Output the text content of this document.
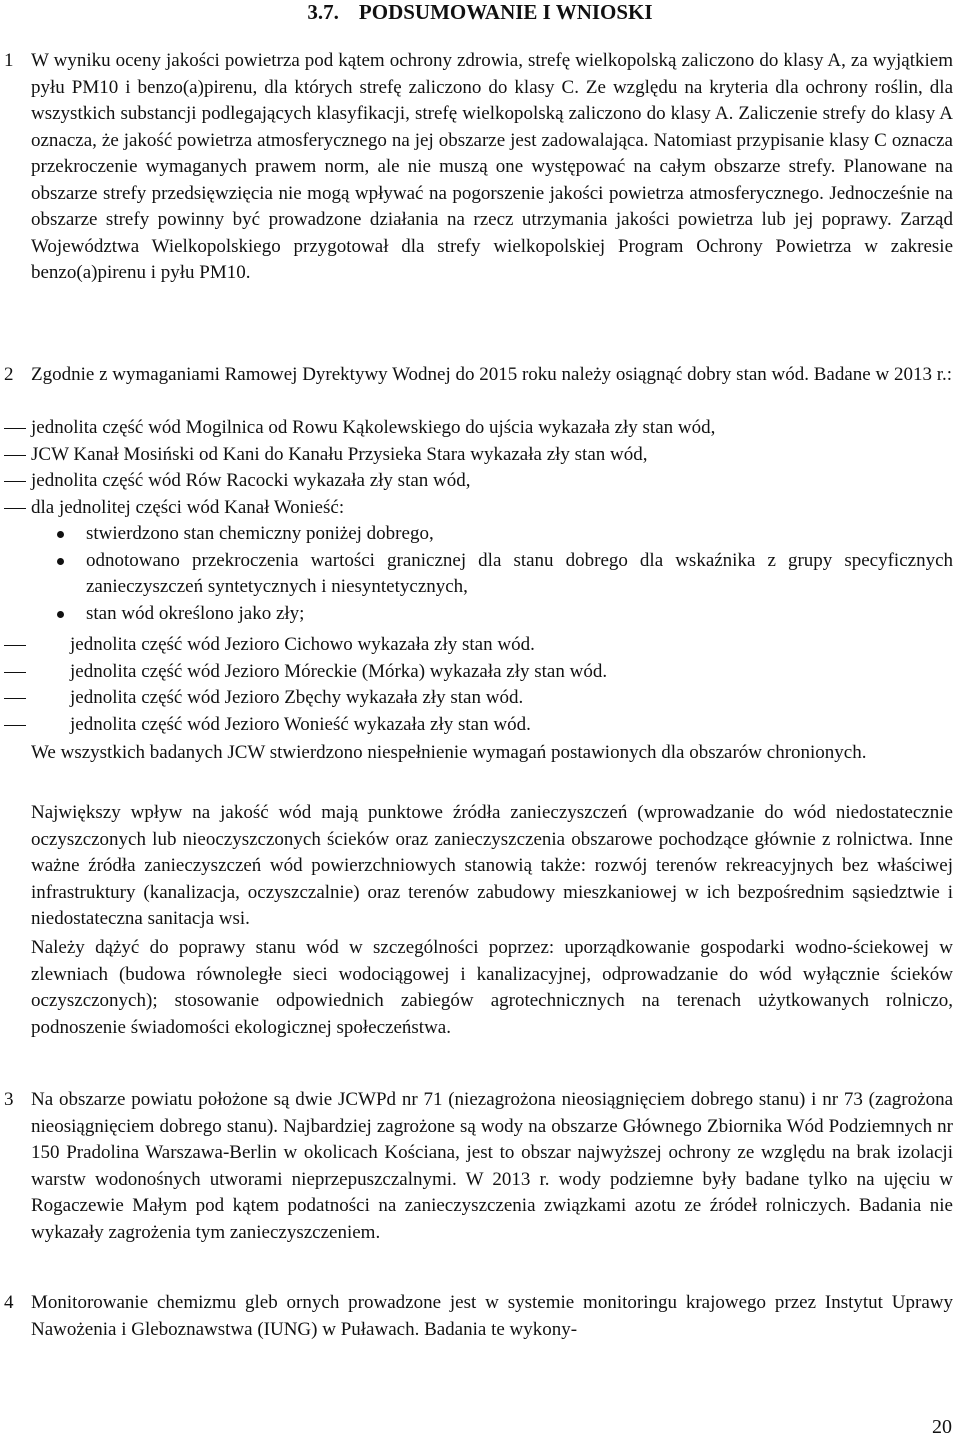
3.7. PODSUMOWANIE I WNIOSKI
1 W wyniku oceny jakości powietrza pod kątem ochrony zdrowia, strefę wielkopolską zaliczono do klasy A, za wyjątkiem pyłu PM10 i benzo(a)pirenu, dla których strefę zaliczono do klasy C. Ze względu na kryteria dla ochrony roślin, dla wszystkich substancji podlegających klasyfikacji, strefę wielkopolską zaliczono do klasy A. Zaliczenie strefy do klasy A oznacza, że jakość powietrza atmosferycznego na jej obszarze jest zadowalająca. Natomiast przypisanie klasy C oznacza przekroczenie wymaganych prawem norm, ale nie muszą one występować na całym obszarze strefy. Planowane na obszarze strefy przedsięwzięcia nie mogą wpływać na pogorszenie jakości powietrza atmosferycznego. Jednocześnie na obszarze strefy powinny być prowadzone działania na rzecz utrzymania jakości powietrza lub jej poprawy. Zarząd Województwa Wielkopolskiego przygotował dla strefy wielkopolskiej Program Ochrony Powietrza w zakresie benzo(a)pirenu i pyłu PM10.
2 Zgodnie z wymaganiami Ramowej Dyrektywy Wodnej do 2015 roku należy osiągnąć dobry stan wód. Badane w 2013 r.:
jednolita część wód Mogilnica od Rowu Kąkolewskiego do ujścia wykazała zły stan wód,
JCW Kanał Mosiński od Kani do Kanału Przysieka Stara wykazała zły stan wód,
jednolita część wód Rów Racocki wykazała zły stan wód,
dla jednolitej części wód Kanał Wonieść:
stwierdzono stan chemiczny poniżej dobrego,
odnotowano przekroczenia wartości granicznej dla stanu dobrego dla wskaźnika z grupy specyficznych zanieczyszczeń syntetycznych i niesyntetycznych,
stan wód określono jako zły;
jednolita część wód Jezioro Cichowo wykazała zły stan wód.
jednolita część wód Jezioro Móreckie (Mórka) wykazała zły stan wód.
jednolita część wód Jezioro Zbęchy wykazała zły stan wód.
jednolita część wód Jezioro Wonieść wykazała zły stan wód.
We wszystkich badanych JCW stwierdzono niespełnienie wymagań postawionych dla obszarów chronionych.
Największy wpływ na jakość wód mają punktowe źródła zanieczyszczeń (wprowadzanie do wód niedostatecznie oczyszczonych lub nieoczyszczonych ścieków oraz zanieczyszczenia obszarowe pochodzące głównie z rolnictwa. Inne ważne źródła zanieczyszczeń wód powierzchniowych stanowią także: rozwój terenów rekreacyjnych bez właściwej infrastruktury (kanalizacja, oczyszczalnie) oraz terenów zabudowy mieszkaniowej w ich bezpośrednim sąsiedztwie i niedostateczna sanitacja wsi.
Należy dążyć do poprawy stanu wód w szczególności poprzez: uporządkowanie gospodarki wodno-ściekowej w zlewniach (budowa równoległe sieci wodociągowej i kanalizacyjnej, odprowadzanie do wód wyłącznie ścieków oczyszczonych); stosowanie odpowiednich zabiegów agrotechnicznych na terenach użytkowanych rolniczo, podnoszenie świadomości ekologicznej społeczeństwa.
3 Na obszarze powiatu położone są dwie JCWPd nr 71 (niezagrożona nieosiągnięciem dobrego stanu) i nr 73 (zagrożona nieosiągnięciem dobrego stanu). Najbardziej zagrożone są wody na obszarze Głównego Zbiornika Wód Podziemnych nr 150 Pradolina Warszawa-Berlin w okolicach Kościana, jest to obszar najwyższej ochrony ze względu na brak izolacji warstw wodonośnych utworami nieprzepuszczalnymi. W 2013 r. wody podziemne były badane tylko na ujęciu w Rogaczewie Małym pod kątem podatności na zanieczyszczenia związkami azotu ze źródeł rolniczych. Badania nie wykazały zagrożenia tym zanieczyszczeniem.
4 Monitorowanie chemizmu gleb ornych prowadzone jest w systemie monitoringu krajowego przez Instytut Uprawy Nawożenia i Gleboznawstwa (IUNG) w Puławach. Badania te wykony-
20
